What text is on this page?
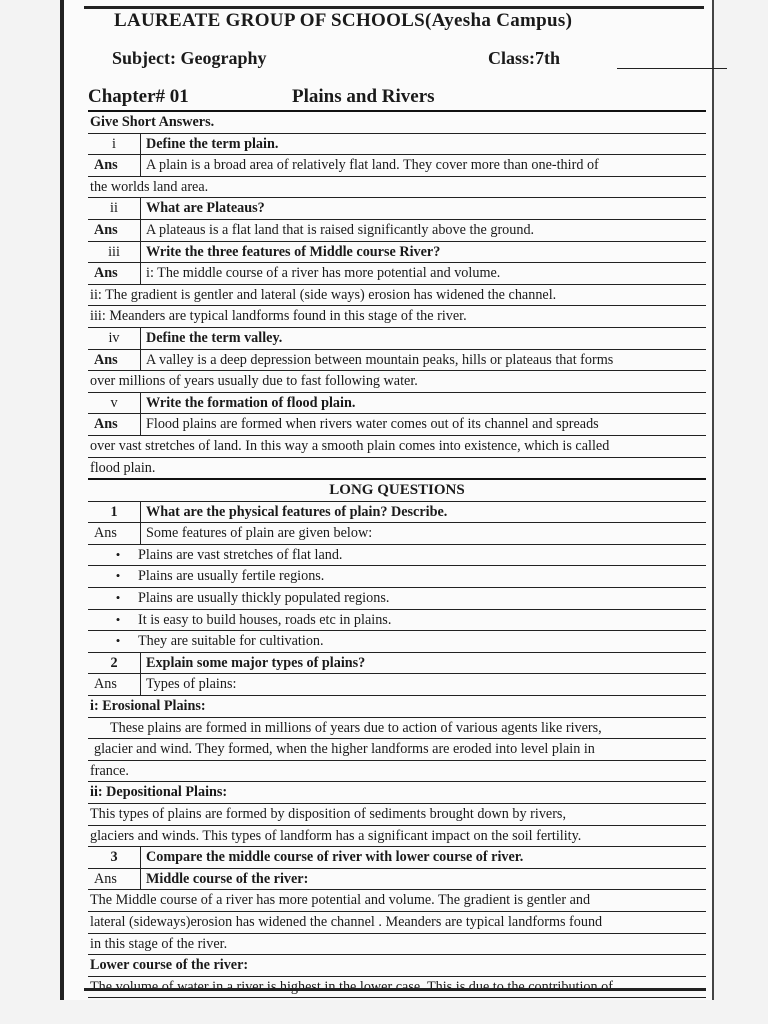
LAUREATE GROUP OF SCHOOLS(Ayesha Campus)
Subject: Geography	Class:7th
Chapter# 01	Plains and Rivers
Give Short Answers.
i	Define the term plain.
Ans	A plain is a broad area of relatively flat land. They cover more than one-third of
the worlds land area.
ii	What are Plateaus?
Ans	A plateaus is a flat land that is raised significantly above the ground.
iii	Write the three features of Middle course River?
Ans	i: The middle course of a river has more potential and volume.
ii: The gradient is gentler and lateral (side ways) erosion has widened the channel.
iii: Meanders are typical landforms found in this stage of the river.
iv	Define the term valley.
Ans	A valley is a deep depression between mountain peaks, hills or plateaus that forms
over millions of years usually due to fast following water.
v	Write the formation of flood plain.
Ans	Flood plains are formed when rivers water comes out of its channel and spreads
over vast stretches of land. In this way a smooth plain comes into existence, which is called
flood plain.
LONG QUESTIONS
1	What are the physical features of plain? Describe.
Ans	Some features of plain are given below:
•	Plains are vast stretches of flat land.
•	Plains are usually fertile regions.
•	Plains are usually thickly populated regions.
•	It is easy to build houses, roads etc in plains.
•	They are suitable for cultivation.
2	Explain some major types of plains?
Ans	Types of plains:
i: Erosional Plains:
These plains are formed in millions of years due to action of various agents like rivers,
glacier and wind. They formed, when the higher landforms are eroded into level plain in
france.
ii: Depositional Plains:
This types of plains are formed by disposition of sediments brought down by rivers,
glaciers and winds. This types of landform has a significant impact on the soil fertility.
3	Compare the middle course of river with lower course of river.
Ans	Middle course of the river:
The Middle course of a river has more potential and volume. The gradient is gentler and
lateral (sideways)erosion has widened the channel . Meanders are typical landforms found
in this stage of the river.
Lower course of the river:
The volume of water in a river is highest in the lower case. This is due to the contribution of
